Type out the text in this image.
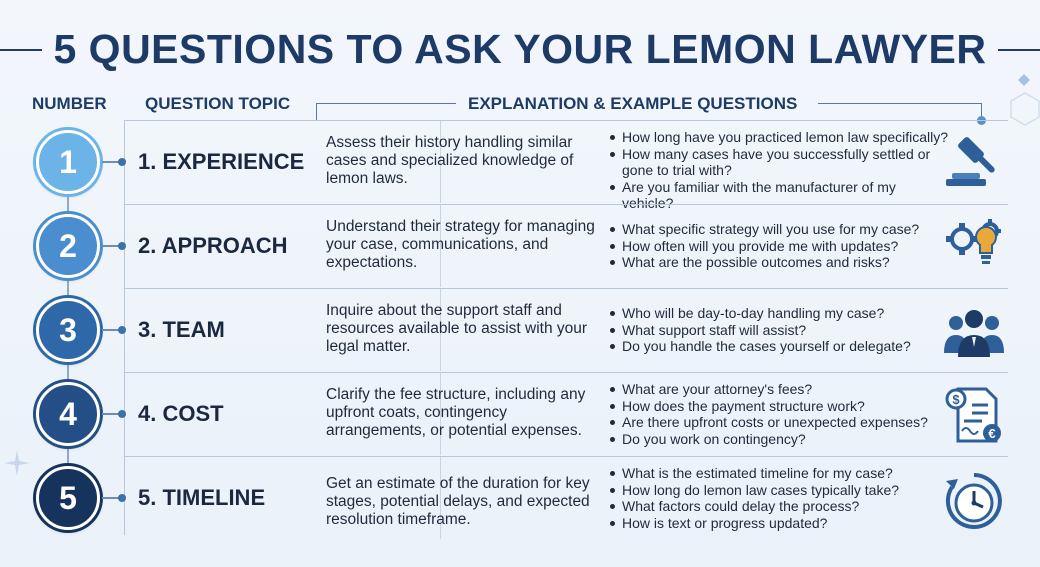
5 QUESTIONS TO ASK YOUR LEMON LAWYER
NUMBER QUESTION TOPIC	EXPLANATION & EXAMPLE QUESTIONS
1. EXPERIENCE
Assess their history handling similar cases and specialized knowledge of lemon laws.
How long have you practiced lemon law specifically?
How many cases have you successfully settled or gone to trial with?
Are you familiar with the manufacturer of my vehicle?
1
2. APPROACH
Understand their strategy for managing your case, communications, and expectations.
What specific strategy will you use for my case?
How often will you provide me with updates?
What are the possible outcomes and risks?
2
3. TEAM
Inquire about the support staff and resources available to assist with your legal matter.
Who will be day-to-day handling my case?
What support staff will assist?
Do you handle the cases yourself or delegate?
3
4. COST
Clarify the fee structure, including any upfront coats, contingency arrangements, or potential expenses.
What are your attorney's fees?
How does the payment structure work?
Are there upfront costs or unexpected expenses?
Do you work on contingency?
$
€
4
5. TIMELINE
Get an estimate of the duration for key stages, potential delays, and expected resolution timeframe.
What is the estimated timeline for my case?
How long do lemon law cases typically take?
What factors could delay the process?
How is text or progress updated?
5
